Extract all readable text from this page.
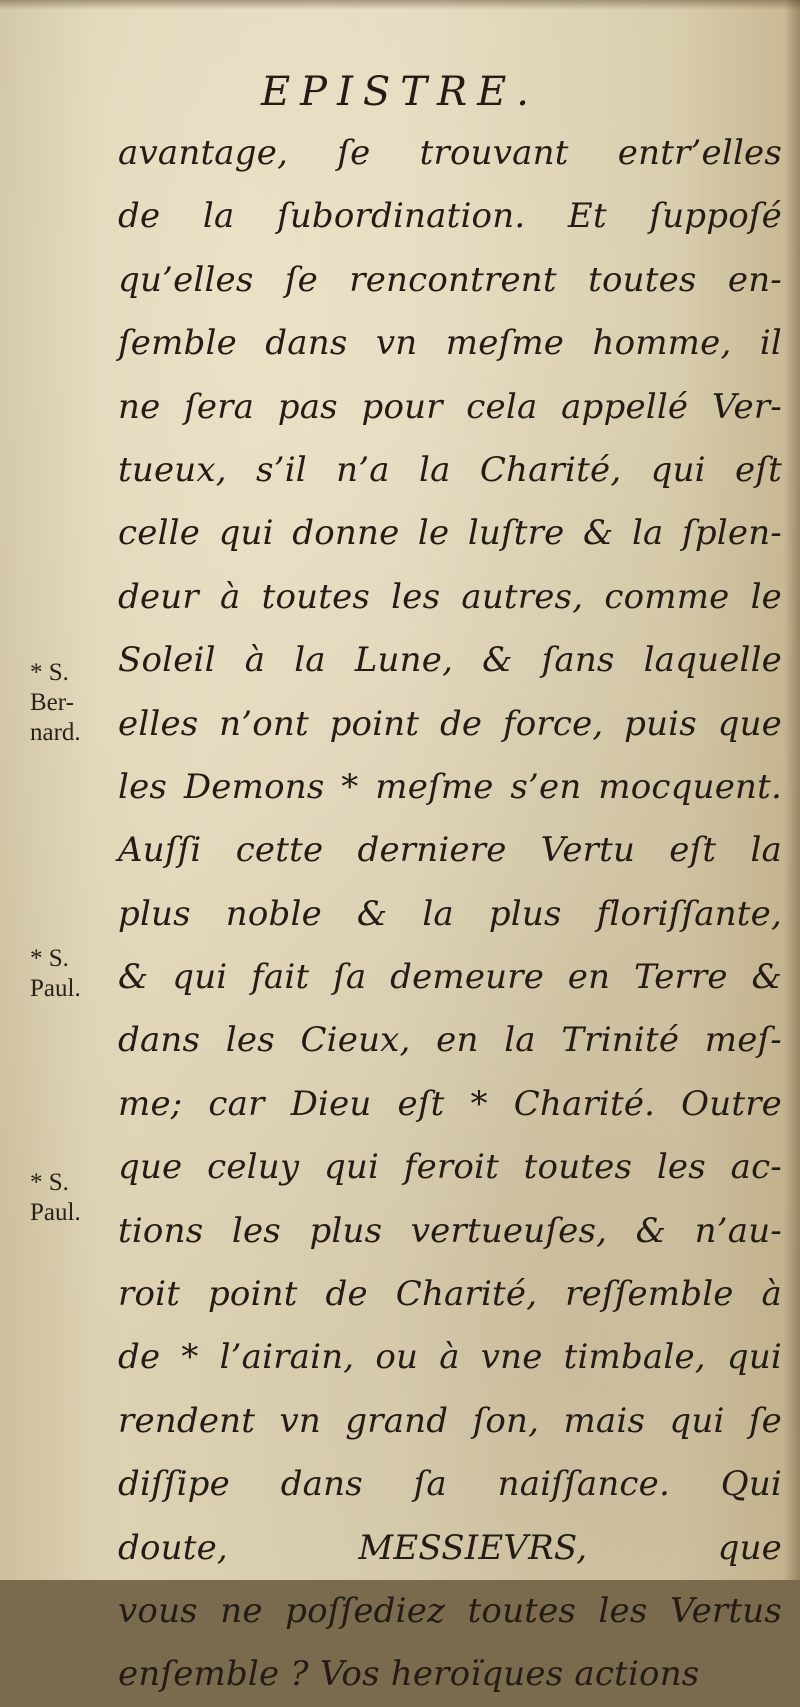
EPISTRE.
avantage, ſe trouvant entr’elles
de la ſubordination. Et ſuppoſé
qu’elles ſe rencontrent toutes en-
ſemble dans vn meſme homme, il
ne ſera pas pour cela appellé Ver-
tueux, s’il n’a la Charité, qui eſt
celle qui donne le luſtre & la ſplen-
deur à toutes les autres, comme le
Soleil à la Lune, & ſans laquelle
elles n’ont point de force, puis que
les Demons * meſme s’en mocquent.
Auſſi cette derniere Vertu eſt la
plus noble & la plus floriſſante,
& qui fait ſa demeure en Terre &
dans les Cieux, en la Trinité meſ-
me; car Dieu eſt * Charité. Outre
que celuy qui feroit toutes les ac-
tions les plus vertueuſes, & n’au-
roit point de Charité, reſſemble à
de * l’airain, ou à vne timbale, qui
rendent vn grand ſon, mais qui ſe
diſſipe dans ſa naiſſance. Qui
doute, MESSIEVRS, que
vous ne poſſediez toutes les Vertus
enſemble ? Vos heroïques actions
* S.
Ber-
nard.
* S.
Paul.
* S.
Paul.
